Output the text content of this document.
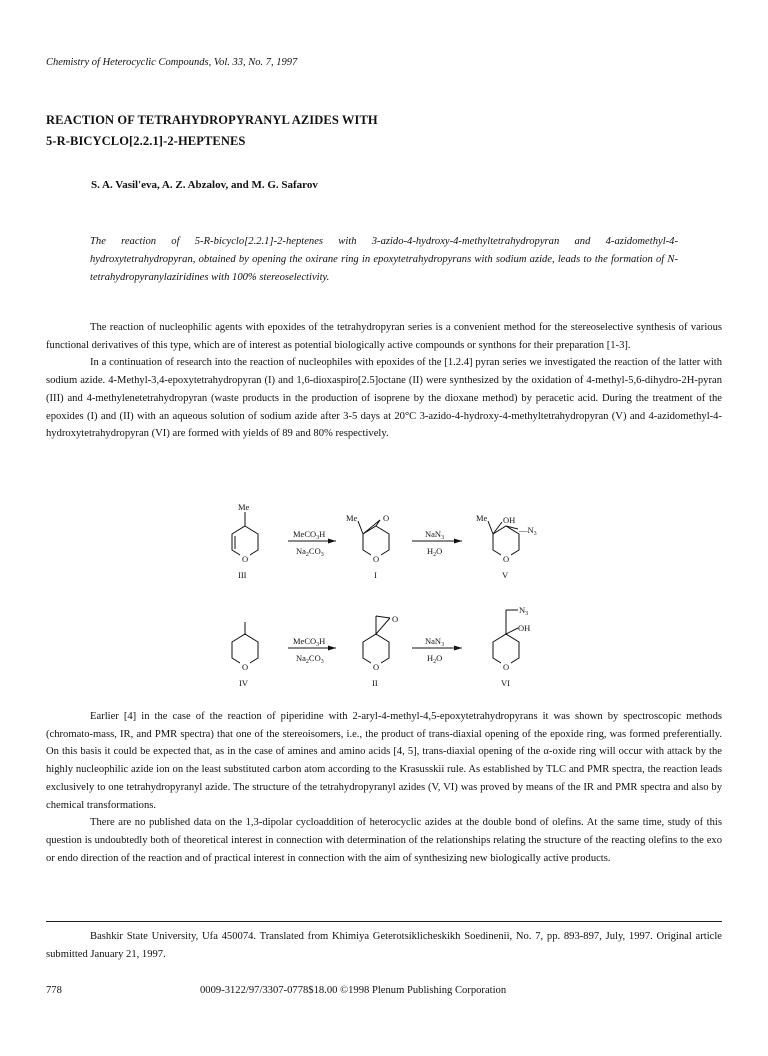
Chemistry of Heterocyclic Compounds, Vol. 33, No. 7, 1997
REACTION OF TETRAHYDROPYRANYL AZIDES WITH
5-R-BICYCLO[2.2.1]-2-HEPTENES
S. A. Vasil'eva, A. Z. Abzalov, and M. G. Safarov
The reaction of 5-R-bicyclo[2.2.1]-2-heptenes with 3-azido-4-hydroxy-4-methyltetrahydropyran and 4-azidomethyl-4-hydroxytetrahydropyran, obtained by opening the oxirane ring in epoxytetrahydropyrans with sodium azide, leads to the formation of N-tetrahydropyranylaziridines with 100% stereoselectivity.

The reaction of nucleophilic agents with epoxides of the tetrahydropyran series is a convenient method for the stereoselective synthesis of various functional derivatives of this type, which are of interest as potential biologically active compounds or synthons for their preparation [1-3].

In a continuation of research into the reaction of nucleophiles with epoxides of the [1.2.4] pyran series we investigated the reaction of the latter with sodium azide. 4-Methyl-3,4-epoxytetrahydropyran (I) and 1,6-dioxaspiro[2.5]octane (II) were synthesized by the oxidation of 4-methyl-5,6-dihydro-2H-pyran (III) and 4-methylenetetrahydropyran (waste products in the production of isoprene by the dioxane method) by peracetic acid. During the treatment of the epoxides (I) and (II) with an aqueous solution of sodium azide after 3-5 days at 20°C 3-azido-4-hydroxy-4-methyltetrahydropyran (V) and 4-azidomethyl-4-hydroxytetrahydropyran (VI) are formed with yields of 89 and 80% respectively.

O	O	O
O	O	O
Me
Me	O	Me OH
$—N_3$
O
$N_3$
OH
MeCO$_3$H
$Na_2CO_3$
NaN$_3$
$H_2O$
MeCO$_3$H
$Na_2CO_3$
NaN$_3$
$H_2O$
III	I	V
IV	II	VI

Earlier [4] in the case of the reaction of piperidine with 2-aryl-4-methyl-4,5-epoxytetrahydropyrans it was shown by spectroscopic methods (chromato-mass, IR, and PMR spectra) that one of the stereoisomers, i.e., the product of trans-diaxial opening of the epoxide ring, was formed preferentially. On this basis it could be expected that, as in the case of amines and amino acids [4, 5], trans-diaxial opening of the α-oxide ring will occur with attack by the highly nucleophilic azide ion on the least substituted carbon atom according to the Krasusskii rule. As established by TLC and PMR spectra, the reaction leads exclusively to one tetrahydropyranyl azide. The structure of the tetrahydropyranyl azides (V, VI) was proved by means of the IR and PMR spectra and also by chemical transformations.

There are no published data on the 1,3-dipolar cycloaddition of heterocyclic azides at the double bond of olefins. At the same time, study of this question is undoubtedly both of theoretical interest in connection with determination of the relationships relating the structure of the reacting olefins to the exo or endo direction of the reaction and of practical interest in connection with the aim of synthesizing new biologically active products.

Bashkir State University, Ufa 450074. Translated from Khimiya Geterotsiklicheskikh Soedinenii, No. 7, pp. 893-897, July, 1997. Original article submitted January 21, 1997.

778	0009-3122/97/3307-0778$18.00 ©1998 Plenum Publishing Corporation
